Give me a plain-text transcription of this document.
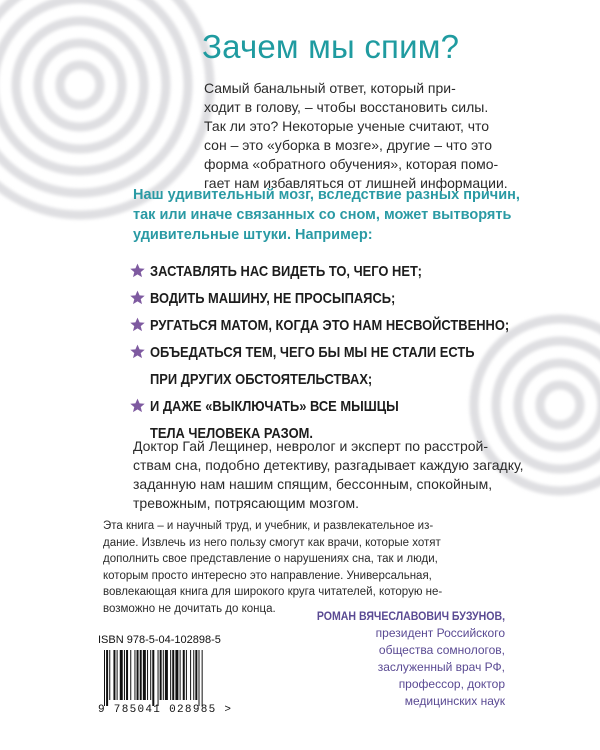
Зачем мы спим?
Самый банальный ответ, который при-
ходит в голову, – чтобы восстановить силы.
Так ли это? Некоторые ученые считают, что
сон – это «уборка в мозге», другие – что это
форма «обратного обучения», которая помо-
гает нам избавляться от лишней информации.
Наш удивительный мозг, вследствие разных причин,
так или иначе связанных со сном, может вытворять
удивительные штуки. Например:
ЗАСТАВЛЯТЬ НАС ВИДЕТЬ ТО, ЧЕГО НЕТ;
ВОДИТЬ МАШИНУ, НЕ ПРОСЫПАЯСЬ;
РУГАТЬСЯ МАТОМ, КОГДА ЭТО НАМ НЕСВОЙСТВЕННО;
ОБЪЕДАТЬСЯ ТЕМ, ЧЕГО БЫ МЫ НЕ СТАЛИ ЕСТЬ
ПРИ ДРУГИХ ОБСТОЯТЕЛЬСТВАХ;
И ДАЖЕ «ВЫКЛЮЧАТЬ» ВСЕ МЫШЦЫ
ТЕЛА ЧЕЛОВЕКА РАЗОМ.
Доктор Гай Лещинер, невролог и эксперт по расстрой-
ствам сна, подобно детективу, разгадывает каждую загадку,
заданную нам нашим спящим, бессонным, спокойным,
тревожным, потрясающим мозгом.
Эта книга – и научный труд, и учебник, и развлекательное из-
дание. Извлечь из него пользу смогут как врачи, которые хотят
дополнить свое представление о нарушениях сна, так и люди,
которым просто интересно это направление. Универсальная,
вовлекающая книга для широкого круга читателей, которую не-
возможно не дочитать до конца.
РОМАН ВЯЧЕСЛАВОВИЧ БУЗУНОВ,
президент Российского
общества сомнологов,
заслуженный врач РФ,
профессор, доктор
медицинских наук
ISBN 978-5-04-102898-5
9 785041 028985 >
